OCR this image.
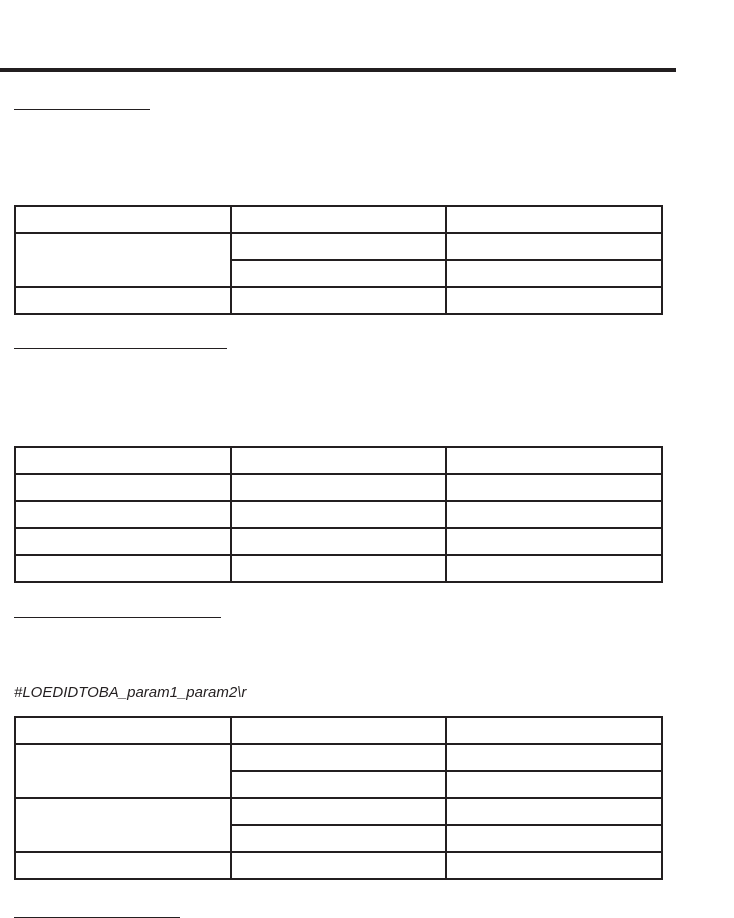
#LOEDIDTOBA_param1_param2\r
